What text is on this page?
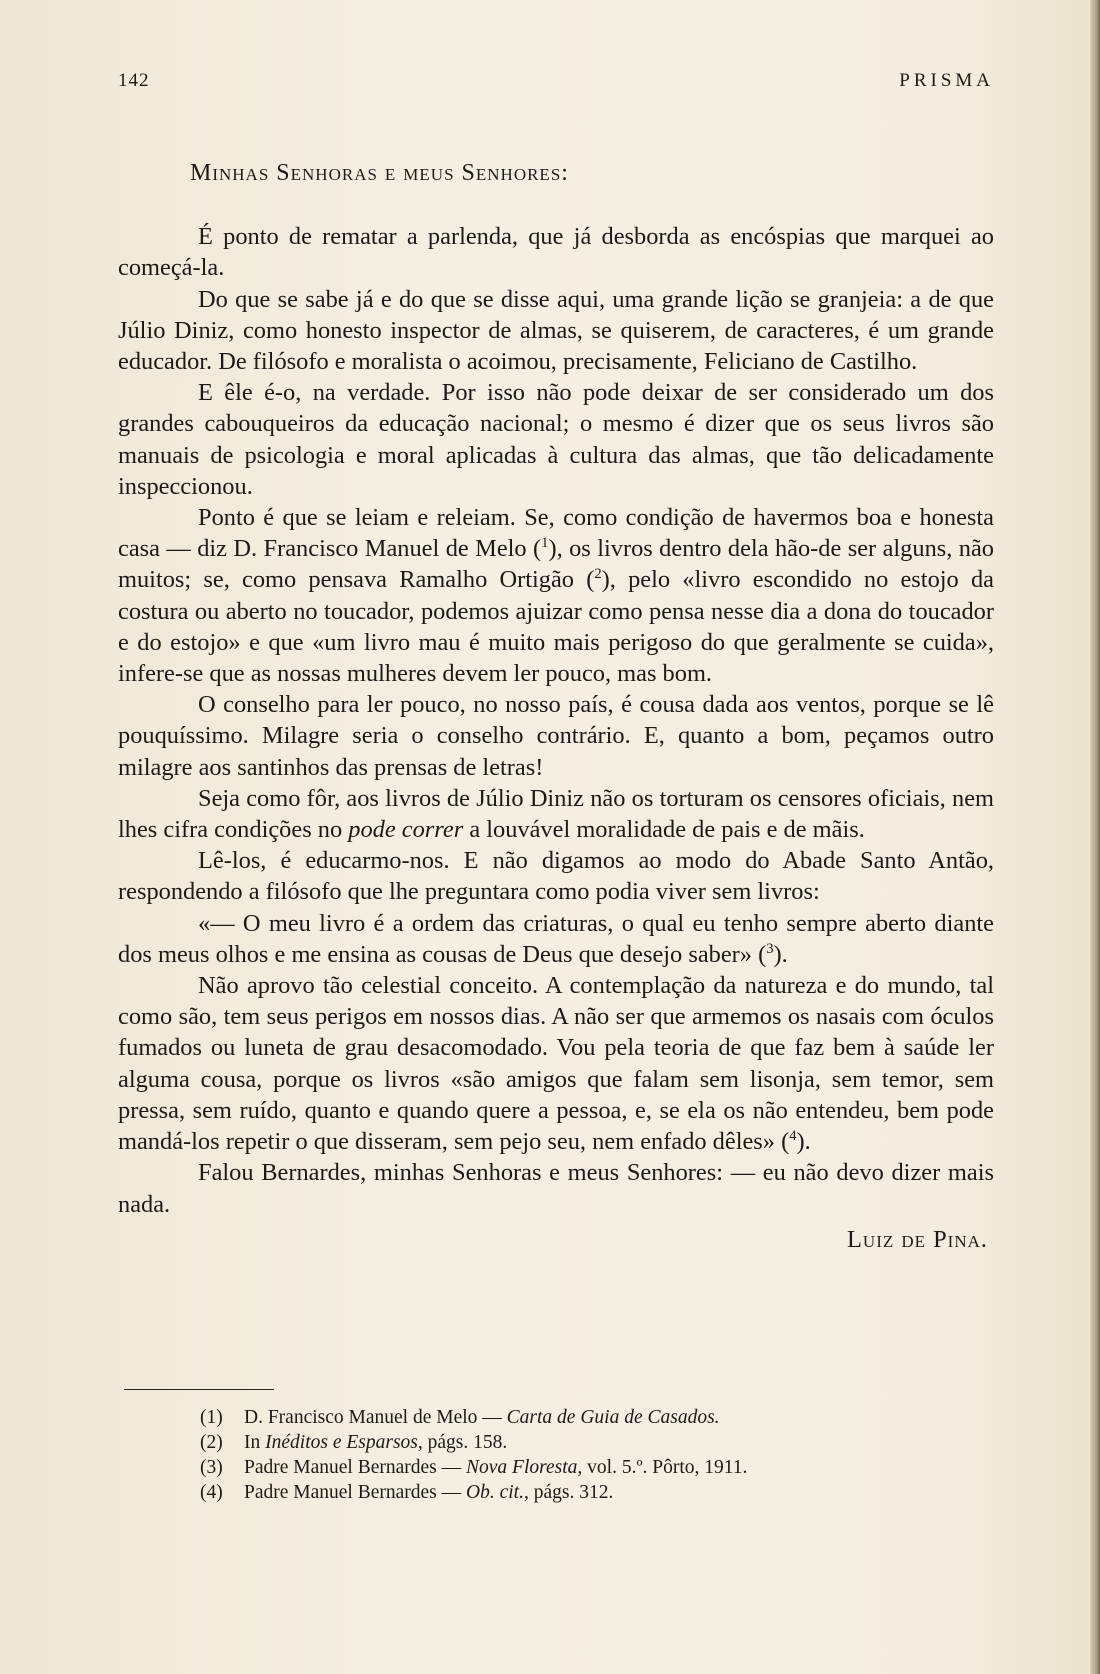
142	PRISMA
Minhas Senhoras e meus Senhores:

É ponto de rematar a parlenda, que já desborda as encóspias que marquei ao começá-la.

Do que se sabe já e do que se disse aqui, uma grande lição se granjeia: a de que Júlio Diniz, como honesto inspector de almas, se quiserem, de caracteres, é um grande educador. De filósofo e moralista o acoimou, precisamente, Feliciano de Castilho.

E êle é-o, na verdade. Por isso não pode deixar de ser considerado um dos grandes cabouqueiros da educação nacional; o mesmo é dizer que os seus livros são manuais de psicologia e moral aplicadas à cultura das almas, que tão delicadamente inspeccionou.

Ponto é que se leiam e releiam. Se, como condição de havermos boa e honesta casa — diz D. Francisco Manuel de Melo ($^1$), os livros dentro dela hão-de ser alguns, não muitos; se, como pensava Ramalho Ortigão ($^2$), pelo «livro escondido no estojo da costura ou aberto no toucador, podemos ajuizar como pensa nesse dia a dona do toucador e do estojo» e que «um livro mau é muito mais perigoso do que geralmente se cuida», infere-se que as nossas mulheres devem ler pouco, mas bom.

O conselho para ler pouco, no nosso país, é cousa dada aos ventos, porque se lê pouquíssimo. Milagre seria o conselho contrário. E, quanto a bom, peçamos outro milagre aos santinhos das prensas de letras!

Seja como fôr, aos livros de Júlio Diniz não os torturam os censores oficiais, nem lhes cifra condições no pode correr a louvável moralidade de pais e de mãis.

Lê-los, é educarmo-nos. E não digamos ao modo do Abade Santo Antão, respondendo a filósofo que lhe preguntara como podia viver sem livros:

«— O meu livro é a ordem das criaturas, o qual eu tenho sempre aberto diante dos meus olhos e me ensina as cousas de Deus que desejo saber» ($^3$).

Não aprovo tão celestial conceito. A contemplação da natureza e do mundo, tal como são, tem seus perigos em nossos dias. A não ser que armemos os nasais com óculos fumados ou luneta de grau desacomodado. Vou pela teoria de que faz bem à saúde ler alguma cousa, porque os livros «são amigos que falam sem lisonja, sem temor, sem pressa, sem ruído, quanto e quando quere a pessoa, e, se ela os não entendeu, bem pode mandá-los repetir o que disseram, sem pejo seu, nem enfado dêles» ($^4$).

Falou Bernardes, minhas Senhoras e meus Senhores: — eu não devo dizer mais nada.

Luiz de Pina.
(1)	D. Francisco Manuel de Melo — Carta de Guia de Casados.
(2)	In Inéditos e Esparsos, págs. 158.
(3)	Padre Manuel Bernardes — Nova Floresta, vol. 5.º. Pôrto, 1911.
(4)	Padre Manuel Bernardes — Ob. cit., págs. 312.
